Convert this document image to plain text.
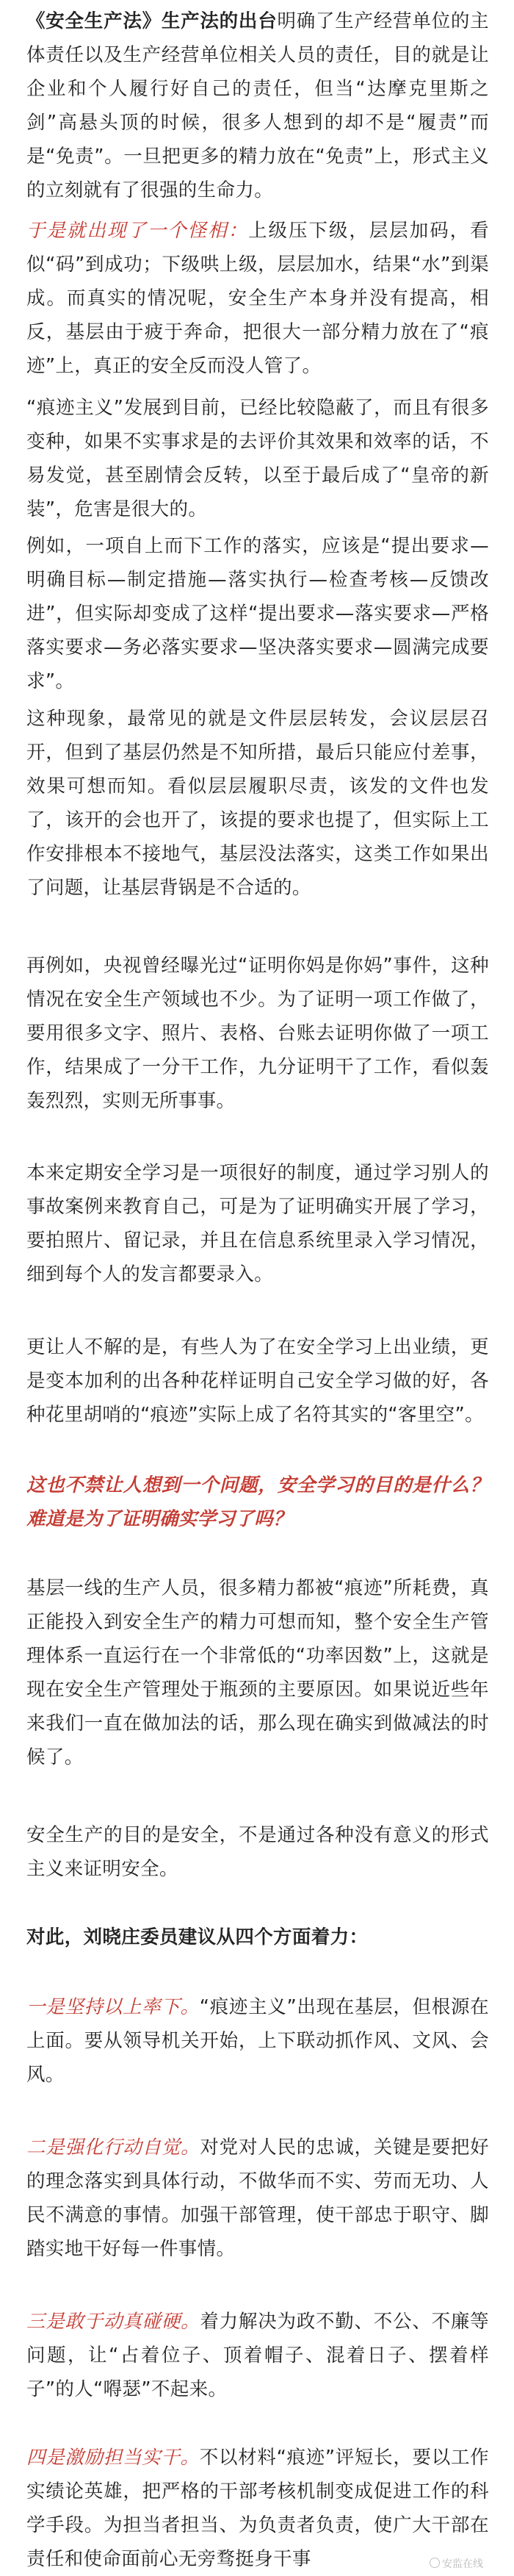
《安全生产法》生产法的出台明确了生产经营单位的主体责任以及生产经营单位相关人员的责任，目的就是让企业和个人履行好自己的责任，但当“达摩克里斯之剑”高悬头顶的时候，很多人想到的却不是“履责”而是“免责”。一旦把更多的精力放在“免责”上，形式主义的立刻就有了很强的生命力。

于是就出现了一个怪相：上级压下级，层层加码，看似“码”到成功；下级哄上级，层层加水，结果“水”到渠成。而真实的情况呢，安全生产本身并没有提高，相反，基层由于疲于奔命，把很大一部分精力放在了“痕迹”上，真正的安全反而没人管了。

“痕迹主义”发展到目前，已经比较隐蔽了，而且有很多变种，如果不实事求是的去评价其效果和效率的话，不易发觉，甚至剧情会反转，以至于最后成了“皇帝的新装”，危害是很大的。

例如，一项自上而下工作的落实，应该是“提出要求—明确目标—制定措施—落实执行—检查考核—反馈改进”，但实际却变成了这样“提出要求—落实要求—严格落实要求—务必落实要求—坚决落实要求—圆满完成要求”。

这种现象，最常见的就是文件层层转发，会议层层召开，但到了基层仍然是不知所措，最后只能应付差事，效果可想而知。看似层层履职尽责，该发的文件也发了，该开的会也开了，该提的要求也提了，但实际上工作安排根本不接地气，基层没法落实，这类工作如果出了问题，让基层背锅是不合适的。

再例如，央视曾经曝光过“证明你妈是你妈”事件，这种情况在安全生产领域也不少。为了证明一项工作做了，要用很多文字、照片、表格、台账去证明你做了一项工作，结果成了一分干工作，九分证明干了工作，看似轰轰烈烈，实则无所事事。

本来定期安全学习是一项很好的制度，通过学习别人的事故案例来教育自己，可是为了证明确实开展了学习，要拍照片、留记录，并且在信息系统里录入学习情况，细到每个人的发言都要录入。

更让人不解的是，有些人为了在安全学习上出业绩，更是变本加利的出各种花样证明自己安全学习做的好，各种花里胡哨的“痕迹”实际上成了名符其实的“客里空”。

这也不禁让人想到一个问题，安全学习的目的是什么？难道是为了证明确实学习了吗？

基层一线的生产人员，很多精力都被“痕迹”所耗费，真正能投入到安全生产的精力可想而知，整个安全生产管理体系一直运行在一个非常低的“功率因数”上，这就是现在安全生产管理处于瓶颈的主要原因。如果说近些年来我们一直在做加法的话，那么现在确实到做减法的时候了。

安全生产的目的是安全，不是通过各种没有意义的形式主义来证明安全。

对此，刘晓庄委员建议从四个方面着力：

一是坚持以上率下。“痕迹主义”出现在基层，但根源在上面。要从领导机关开始，上下联动抓作风、文风、会风。

二是强化行动自觉。对党对人民的忠诚，关键是要把好的理念落实到具体行动，不做华而不实、劳而无功、人民不满意的事情。加强干部管理，使干部忠于职守、脚踏实地干好每一件事情。

三是敢于动真碰硬。着力解决为政不勤、不公、不廉等问题，让“占着位子、顶着帽子、混着日子、摆着样子”的人“嘚瑟”不起来。

四是激励担当实干。不以材料“痕迹”评短长，要以工作实绩论英雄，把严格的干部考核机制变成促进工作的科学手段。为担当者担当、为负责者负责，使广大干部在责任和使命面前心无旁骛挺身干事	安监在线
